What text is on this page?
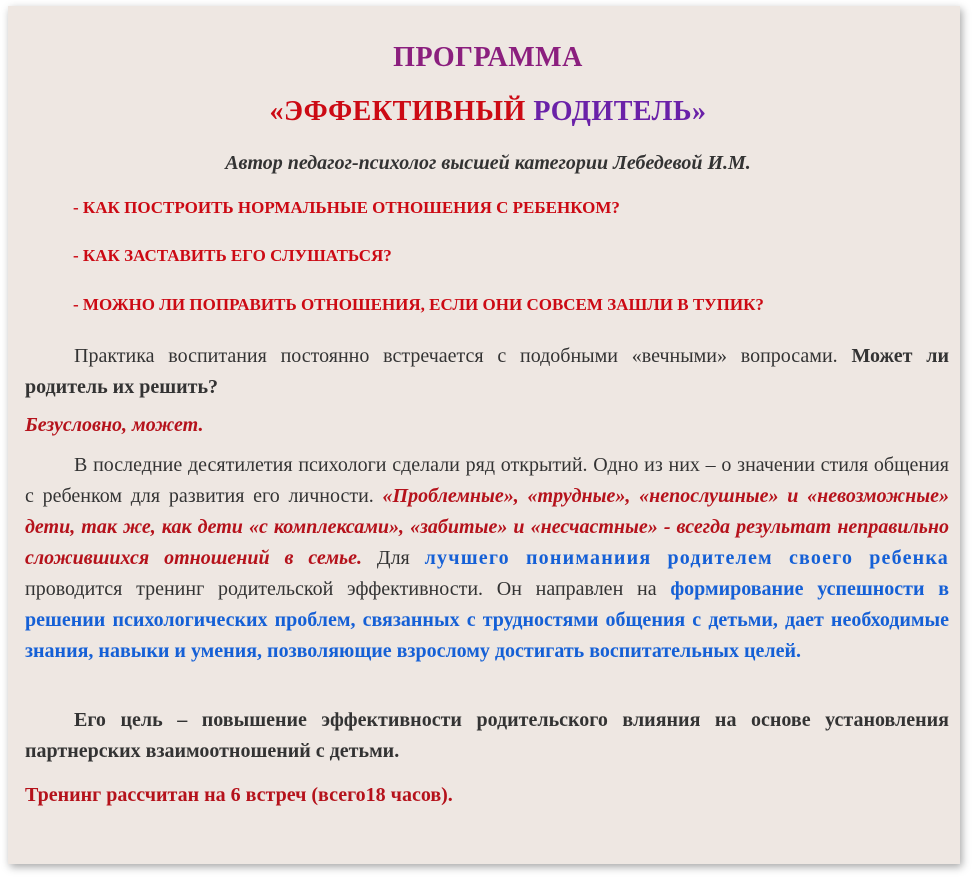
ПРОГРАММА
«ЭФФЕКТИВНЫЙ РОДИТЕЛЬ»
Автор педагог-психолог высшей категории Лебедевой И.М.
- КАК ПОСТРОИТЬ НОРМАЛЬНЫЕ ОТНОШЕНИЯ С РЕБЕНКОМ?
- КАК ЗАСТАВИТЬ ЕГО СЛУШАТЬСЯ?
- МОЖНО ЛИ ПОПРАВИТЬ ОТНОШЕНИЯ, ЕСЛИ ОНИ СОВСЕМ ЗАШЛИ В ТУПИК?

Практика воспитания постоянно встречается с подобными «вечными» вопросами. Может ли родитель их решить?

Безусловно, может.

В последние десятилетия психологи сделали ряд открытий. Одно из них – о значении стиля общения с ребенком для развития его личности. «Проблемные», «трудные», «непослушные» и «невозможные» дети, так же, как дети «с комплексами», «забитые» и «несчастные» - всегда результат неправильно сложившихся отношений в семье. Для лучшего пониманиия родителем своего ребенка проводится тренинг родительской эффективности. Он направлен на формирование успешности в решении психологических проблем, связанных с трудностями общения с детьми, дает необходимые знания, навыки и умения, позволяющие взрослому достигать воспитательных целей.

Его цель – повышение эффективности родительского влияния на основе установления партнерских взаимоотношений с детьми.

Тренинг рассчитан на 6 встреч (всего18 часов).
